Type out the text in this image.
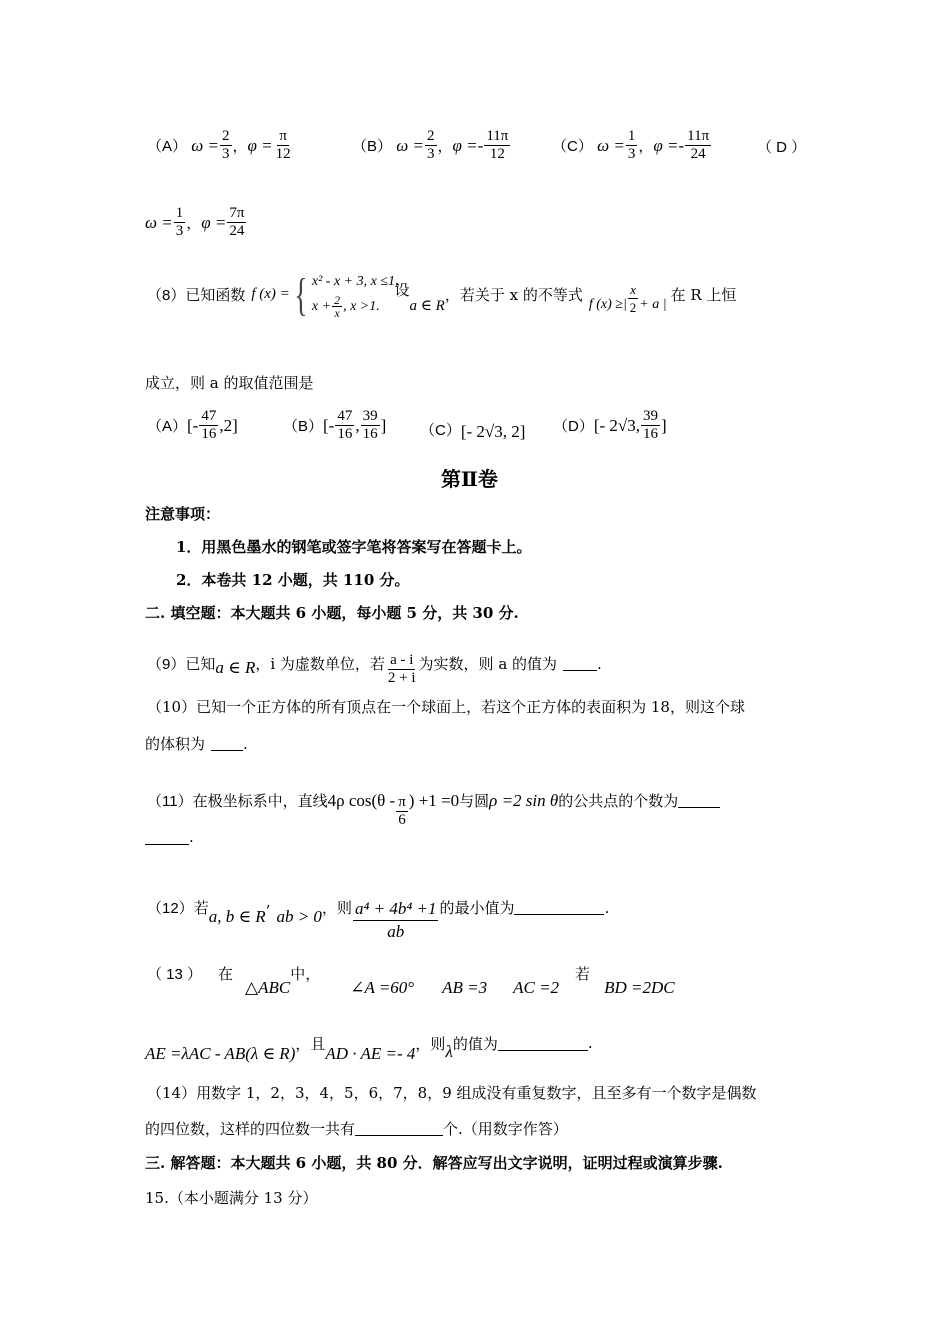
（A） $\omega = \frac{2}{3}$ ， $\varphi = \frac{\pi}{12}$	（B） $\omega = \frac{2}{3}$ ， $\varphi =- \frac{11\pi}{12}$	（C） $\omega = \frac{1}{3}$ ， $\varphi =- \frac{11\pi}{24}$	（ D ）
$\omega = \frac{1}{3}$ ， $\varphi = \frac{7\pi}{24}$
（8） 已知函数 f (x) = { x² - x + 3, x ≤1,
$x + \frac{2}{x}$ , x >1.
设
a ∈ R
，若关于 x 的不等式 f (x) ≥| $\frac{x}{2} + a$ | 在 R 上恒
成立，则 a 的取值范围是
（A） [- $\frac{47}{16} ,2$]	（B） [- $\frac{47}{16}$ , $\frac{39}{16}$ ] （C） [- 2√3, 2] （D） [- 2√3, $\frac{39}{16}$ ]
第Ⅱ卷
注意事项：
1．用黑色墨水的钢笔或签字笔将答案写在答题卡上。
2．本卷共 12 小题，共 110 分。
二. 填空题：本大题共 6 小题，每小题 5 分，共 30 分.
（9） 已知 a ∈ R ，i 为虚数单位，若 $\frac{a - i}{2 + i}$ 为实数，则 a 的值为	.
（10）已知一个正方体的所有顶点在一个球面上，若这个正方体的表面积为 18，则这个球
的体积为	.
（11） 在极坐标系中，直线 4ρ $\cos(\theta - \frac{\pi}{6}$ ) +1 =0 与圆 ρ =2 sin θ 的公共点的个数为
.
（12） 若 a, b ∈ R ’ ab > 0 ，则 $\frac{\text{a⁴ + 4b⁴ +1}}{ab}$ 的最小值为	.
（ 13 ） 在
△ABC
中，
∠A =60° AB =3 AC =2
若
BD =2DC
AE =λAC - AB(λ ∈ R)
， 且
AD · AE =- 4
， 则 λ 的值为	.
（14）用数字 1，2，3，4，5，6，7，8，9 组成没有重复数字，且至多有一个数字是偶数
的四位数，这样的四位数一共有	个.（用数字作答）
三. 解答题：本大题共 6 小题，共 80 分．解答应写出文字说明，证明过程或演算步骤.
15.（本小题满分 13 分）
